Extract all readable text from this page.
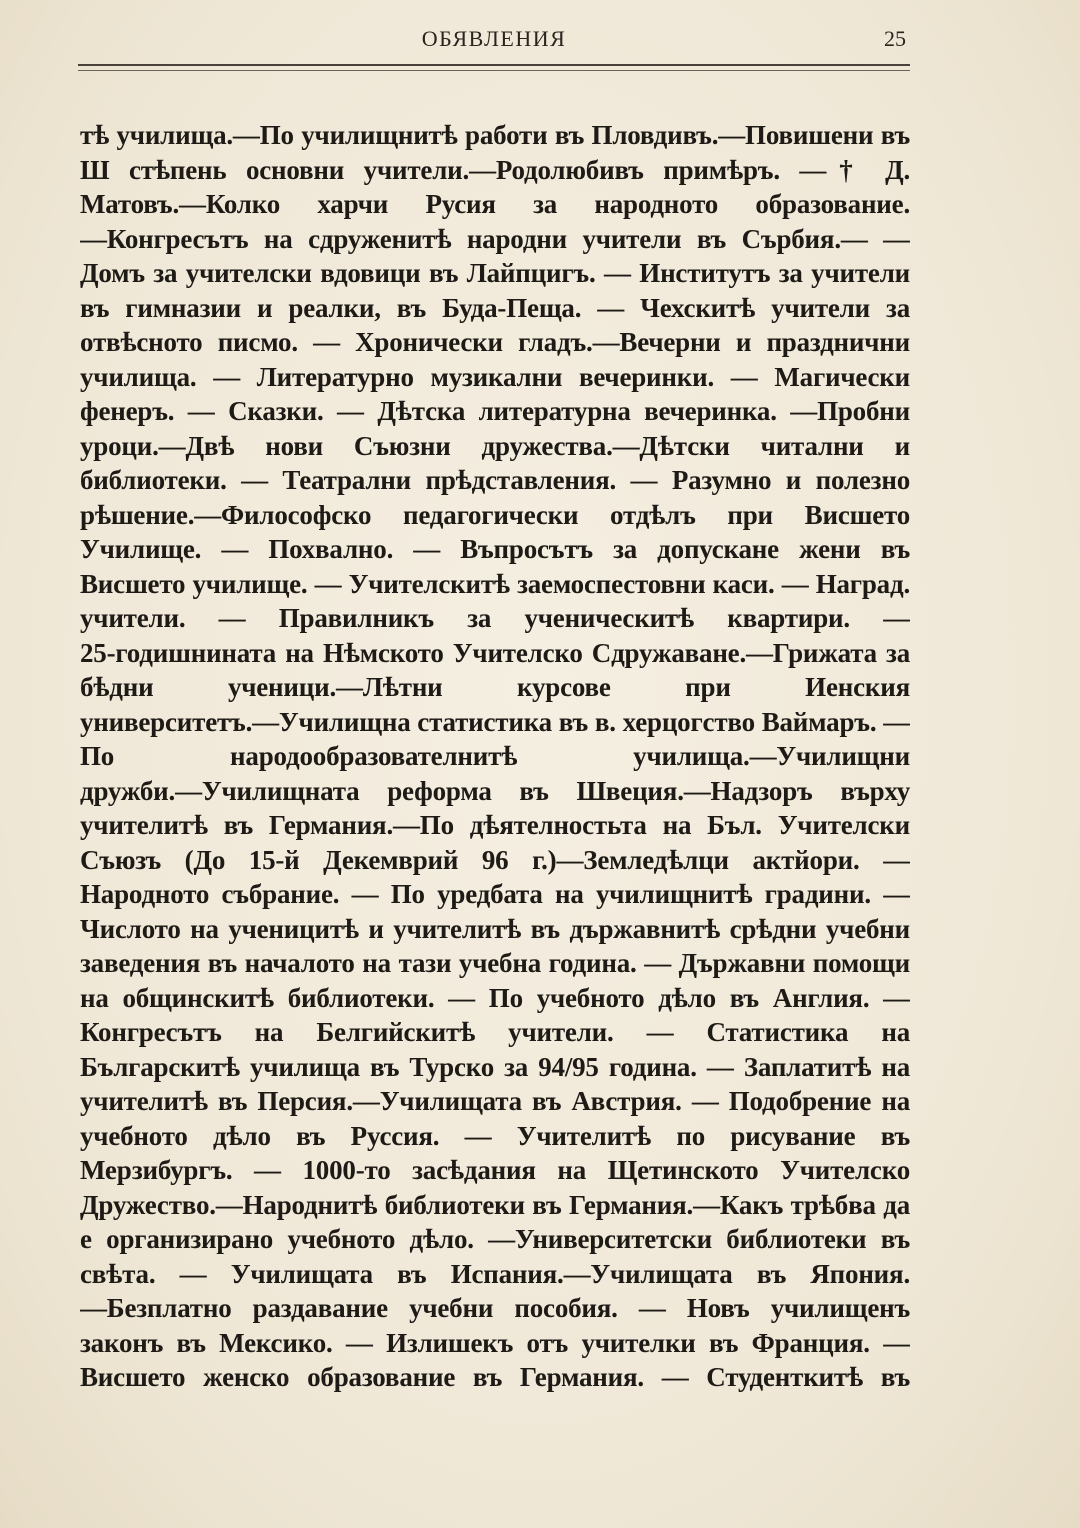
ОБЯВЛЕНИЯ	25
тѣ училища.—По училищнитѣ работи въ Пловдивъ.—Повишени въ
Ш стѣпень основни учители.—Родолюбивъ примѣръ. —† Д.
Матовъ.—Колко харчи Русия за народното образование.
—Конгресътъ на сдруженитѣ народни учители въ Сърбия.— —
Домъ за учителски вдовици въ Лайпцигъ. — Институтъ за учители
въ гимназии и реалки, въ Буда-Пеща. — Чехскитѣ учители за
отвѣсното писмо. — Хронически гладъ.—Вечерни и празднични
училища. — Литературно музикални вечеринки. — Магически
фенеръ. — Сказки. — Дѣтска литературна вечеринка. —Пробни
уроци.—Двѣ нови Съюзни дружества.—Дѣтски читални и
библиотеки. — Театрални прѣдставления. — Разумно и полезно
рѣшение.—Философско педагогически отдѣлъ при Висшето
Училище. — Похвално. — Въпросътъ за допускане жени въ
Висшето училище. — Учителскитѣ заемоспестовни каси. — Наград.
учители. — Правилникъ за ученическитѣ квартири. —
25-годишнината на Нѣмското Учителско Сдружаване.—Грижата за
бѣдни ученици.—Лѣтни курсове при Иенския
университетъ.—Училищна статистика въ в. херцогство Ваймаръ. —
По народообразователнитѣ училища.—Училищни
дружби.—Училищната реформа въ Швеция.—Надзоръ върху
учителитѣ въ Германия.—По дѣятелностьта на Бъл. Учителски
Съюзъ (До 15-й Декемврий 96 г.)—Земледѣлци актйори. —
Народното събрание. — По уредбата на училищнитѣ градини. —
Числото на ученицитѣ и учителитѣ въ държавнитѣ срѣдни учебни
заведения въ началото на тази учебна година. — Държавни помощи
на общинскитѣ библиотеки. — По учебното дѣло въ Англия. —
Конгресътъ на Белгийскитѣ учители. — Статистика на
Българскитѣ училища въ Турско за 94/95 година. — Заплатитѣ на
учителитѣ въ Персия.—Училищата въ Австрия. — Подобрение на
учебното дѣло въ Руссия. — Учителитѣ по рисувание въ
Мерзибургъ. — 1000-то засѣдания на Щетинското Учителско
Дружество.—Народнитѣ библиотеки въ Германия.—Какъ трѣбва да
е организирано учебното дѣло. —Университетски библиотеки въ
свѣта. — Училищата въ Испания.—Училищата въ Япония.
—Безплатно раздавание учебни пособия. — Новъ училищенъ
законъ въ Мексико. — Излишекъ отъ учителки въ Франция. —
Висшето женско образование въ Германия. — Студенткитѣ въ
